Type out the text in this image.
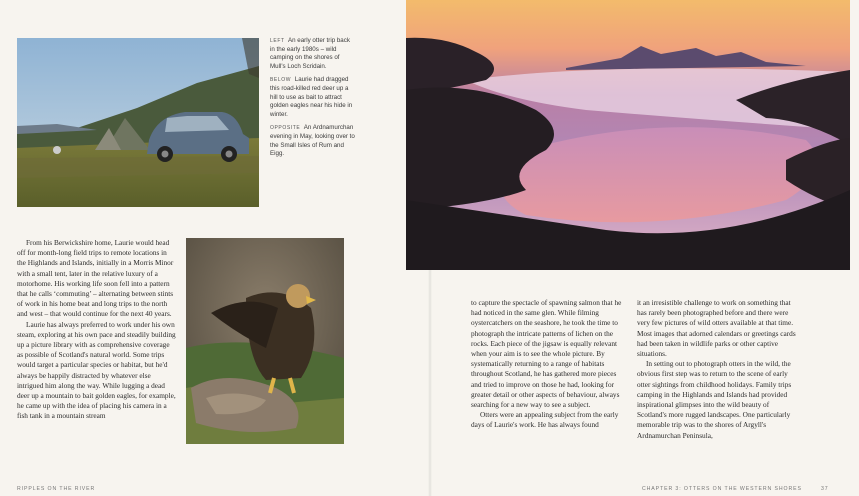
LEFT An early otter trip back in the early 1980s – wild camping on the shores of Mull's Loch Scridain.

BELOW Laurie had dragged this road-killed red deer up a hill to use as bait to attract golden eagles near his hide in winter.

OPPOSITE An Ardnamurchan evening in May, looking over to the Small Isles of Rum and Eigg.

From his Berwickshire home, Laurie would head off for month-long field trips to remote locations in the Highlands and Islands, initially in a Morris Minor with a small tent, later in the relative luxury of a motorhome. His working life soon fell into a pattern that he calls ‘commuting’ – alternating between stints of work in his home beat and long trips to the north and west – that would continue for the next 40 years.

Laurie has always preferred to work under his own steam, exploring at his own pace and steadily building up a picture library with as comprehensive coverage as possible of Scotland's natural world. Some trips would target a particular species or habitat, but he'd always be happily distracted by whatever else intrigued him along the way. While lugging a dead deer up a mountain to bait golden eagles, for example, he came up with the idea of placing his camera in a fish tank in a mountain stream

to capture the spectacle of spawning salmon that he had noticed in the same glen. While filming oystercatchers on the seashore, he took the time to photograph the intricate patterns of lichen on the rocks. Each piece of the jigsaw is equally relevant when your aim is to see the whole picture. By systematically returning to a range of habitats throughout Scotland, he has gathered more pieces and tried to improve on those he had, looking for greater detail or other aspects of behaviour, always searching for a new way to see a subject.

Otters were an appealing subject from the early days of Laurie's work. He has always found

it an irresistible challenge to work on something that has rarely been photographed before and there were very few pictures of wild otters available at that time. Most images that adorned calendars or greetings cards had been taken in wildlife parks or other captive situations.

In setting out to photograph otters in the wild, the obvious first step was to return to the scene of early otter sightings from childhood holidays. Family trips camping in the Highlands and Islands had provided inspirational glimpses into the wild beauty of Scotland's more rugged landscapes. One particularly memorable trip was to the shores of Argyll's Ardnamurchan Peninsula,

RIPPLES ON THE RIVER	CHAPTER 3: OTTERS ON THE WESTERN SHORES	37
